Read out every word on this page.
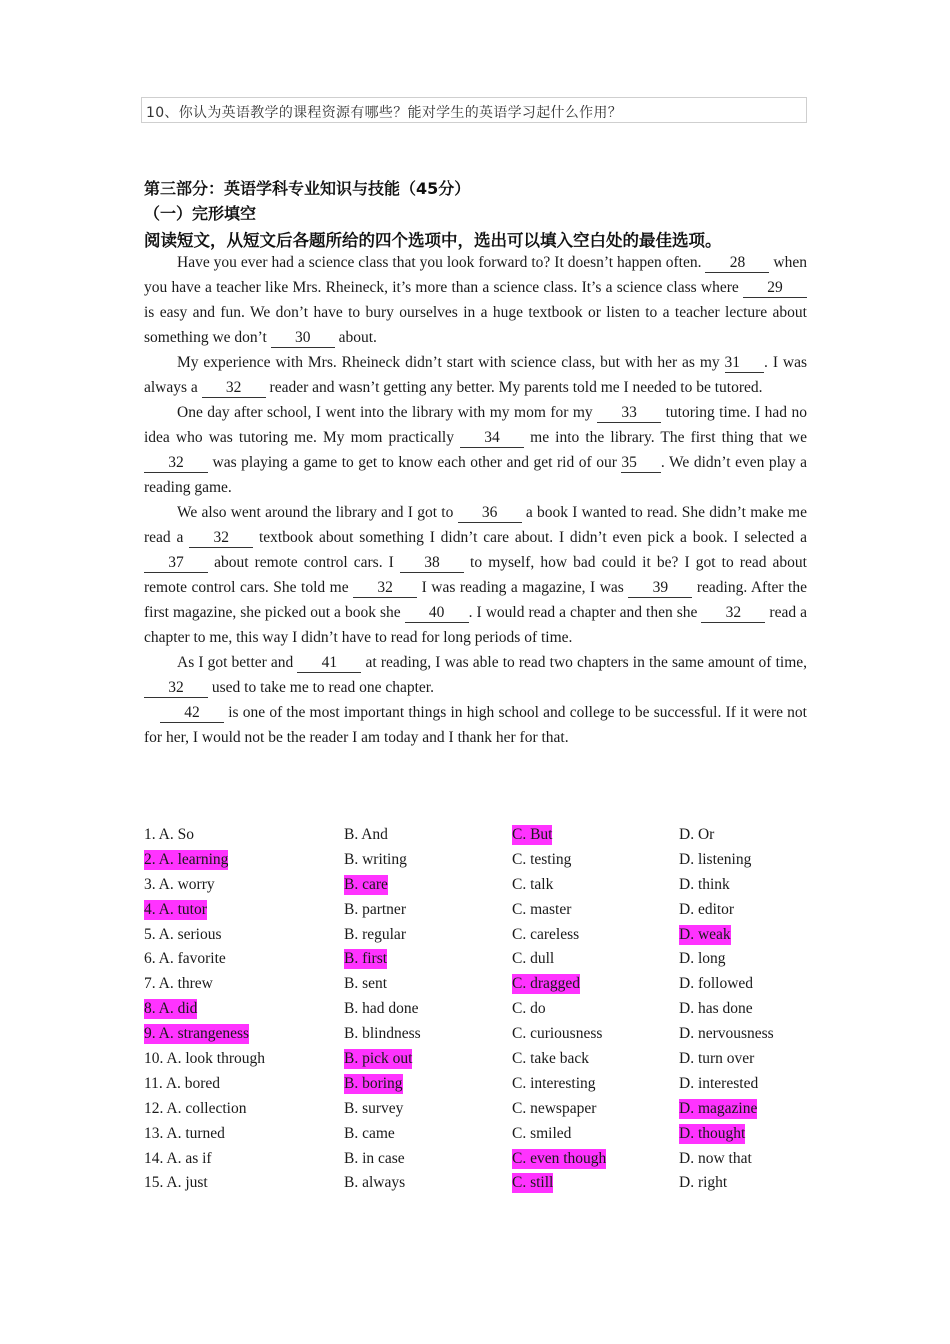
10、你认为英语教学的课程资源有哪些？能对学生的英语学习起什么作用？
第三部分：英语学科专业知识与技能（45分）
（一）完形填空
阅读短文，从短文后各题所给的四个选项中，选出可以填入空白处的最佳选项。

Have you ever had a science class that you look forward to? It doesn’t happen often. 28 when you have a teacher like Mrs. Rheineck, it’s more than a science class. It’s a science class where 29 is easy and fun. We don’t have to bury ourselves in a huge textbook or listen to a teacher lecture about something we don’t 30 about.

My experience with Mrs. Rheineck didn’t start with science class, but with her as my 31 . I was always a 32 reader and wasn’t getting any better. My parents told me I needed to be tutored.

One day after school, I went into the library with my mom for my 33 tutoring time. I had no idea who was tutoring me. My mom practically 34 me into the library. The first thing that we 32 was playing a game to get to know each other and get rid of our 35 . We didn’t even play a reading game.

We also went around the library and I got to 36 a book I wanted to read. She didn’t make me read a 32 textbook about something I didn’t care about. I didn’t even pick a book. I selected a 37 about remote control cars. I 38 to myself, how bad could it be? I got to read about remote control cars. She told me 32 I was reading a magazine, I was 39 reading. After the first magazine, she picked out a book she 40 . I would read a chapter and then she 32 read a chapter to me, this way I didn’t have to read for long periods of time.

As I got better and 41 at reading, I was able to read two chapters in the same amount of time, 32 used to take me to read one chapter.

42 is one of the most important things in high school and college to be successful. If it were not for her, I would not be the reader I am today and I thank her for that.

1. A. So	B. And	C. But	D. Or
2. A. learning	B. writing	C. testing	D. listening
3. A. worry	B. care	C. talk	D. think
4. A. tutor	B. partner	C. master	D. editor
5. A. serious	B. regular	C. careless	D. weak
6. A. favorite	B. first	C. dull	D. long
7. A. threw	B. sent	C. dragged	D. followed
8. A. did	B. had done	C. do	D. has done
9. A. strangeness	B. blindness	C. curiousness	D. nervousness
10. A. look through	B. pick out	C. take back	D. turn over
11. A. bored	B. boring	C. interesting	D. interested
12. A. collection	B. survey	C. newspaper	D. magazine
13. A. turned	B. came	C. smiled	D. thought
14. A. as if	B. in case	C. even though	D. now that
15. A. just	B. always	C. still	D. right
